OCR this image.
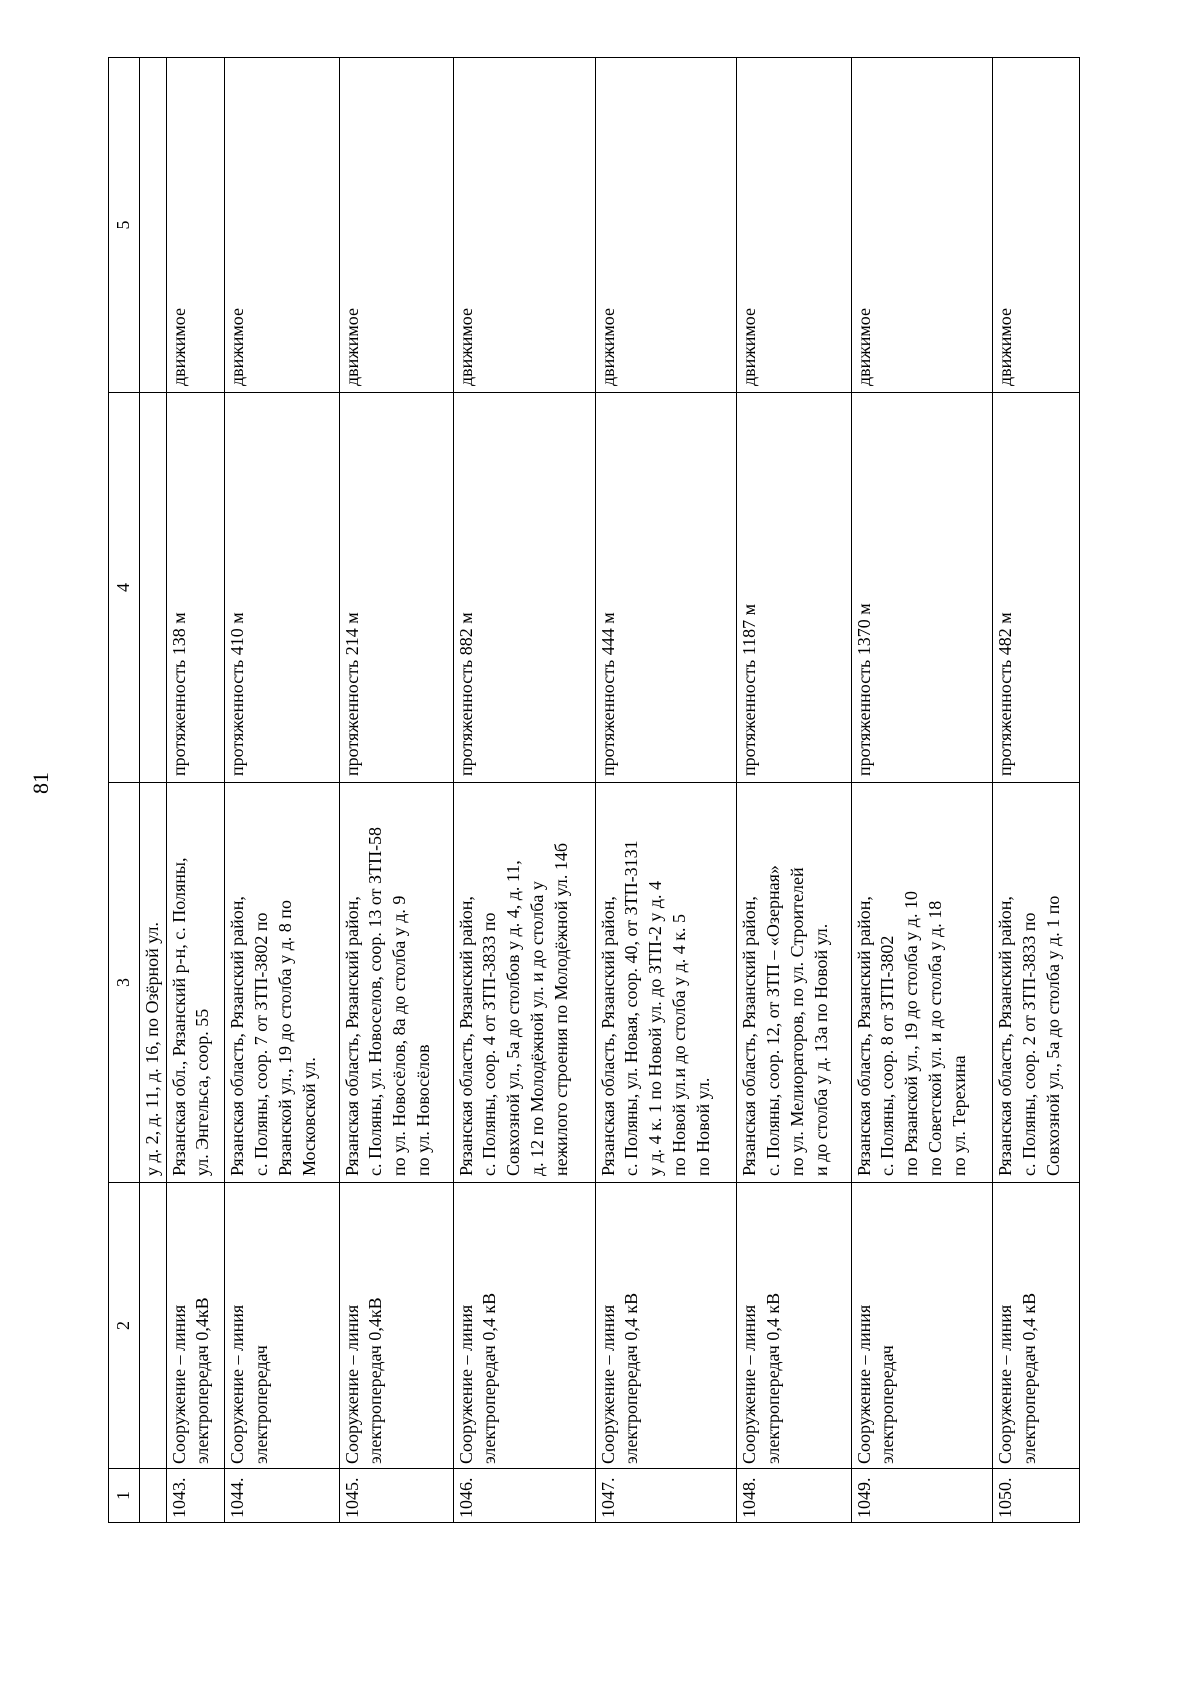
81
1	2	3	4	5
		у д. 2, д. 11, д. 16, по Озёрной ул.		
1043.	Сооружение – линия электропередач 0,4кВ	Рязанская обл., Рязанский р-н, с. Поляны, ул. Энгельса, соор. 55	протяженность 138 м	движимое
1044.	Сооружение – линия электропередач	Рязанская область, Рязанский район, с. Поляны, соор. 7 от ЗТП-3802 по Рязанской ул., 19 до столба у д. 8 по Московской ул.	протяженность 410 м	движимое
1045.	Сооружение – линия электропередач 0,4кВ	Рязанская область, Рязанский район, с. Поляны, ул. Новоселов, соор. 13 от ЗТП-58 по ул. Новосёлов, 8а до столба у д. 9 по ул. Новосёлов	протяженность 214 м	движимое
1046.	Сооружение – линия электропередач 0,4 кВ	Рязанская область, Рязанский район, с. Поляны, соор. 4 от ЗТП-3833 по Совхозной ул., 5а до столбов у д. 4, д. 11, д. 12 по Молодёжной ул. и до столба у нежилого строения по Молодёжной ул. 14б	протяженность 882 м	движимое
1047.	Сооружение – линия электропередач 0,4 кВ	Рязанская область, Рязанский район, с. Поляны, ул. Новая, соор. 40, от ЗТП-3131 у д. 4 к. 1 по Новой ул. до ЗТП-2 у д. 4 по Новой ул.и до столба у д. 4 к. 5 по Новой ул.	протяженность 444 м	движимое
1048.	Сооружение – линия электропередач 0,4 кВ	Рязанская область, Рязанский район, с. Поляны, соор. 12, от ЗТП – «Озерная» по ул. Мелиораторов, по ул. Строителей и до столба у д. 13а по Новой ул.	протяженность 1187 м	движимое
1049.	Сооружение – линия электропередач	Рязанская область, Рязанский район, с. Поляны, соор. 8 от ЗТП-3802 по Рязанской ул., 19 до столба у д. 10 по Советской ул. и до столба у д. 18 по ул. Терехина	протяженность 1370 м	движимое
1050.	Сооружение – линия электропередач 0,4 кВ	Рязанская область, Рязанский район, с. Поляны, соор. 2 от ЗТП-3833 по Совхозной ул., 5а до столба у д. 1 по	протяженность 482 м	движимое
